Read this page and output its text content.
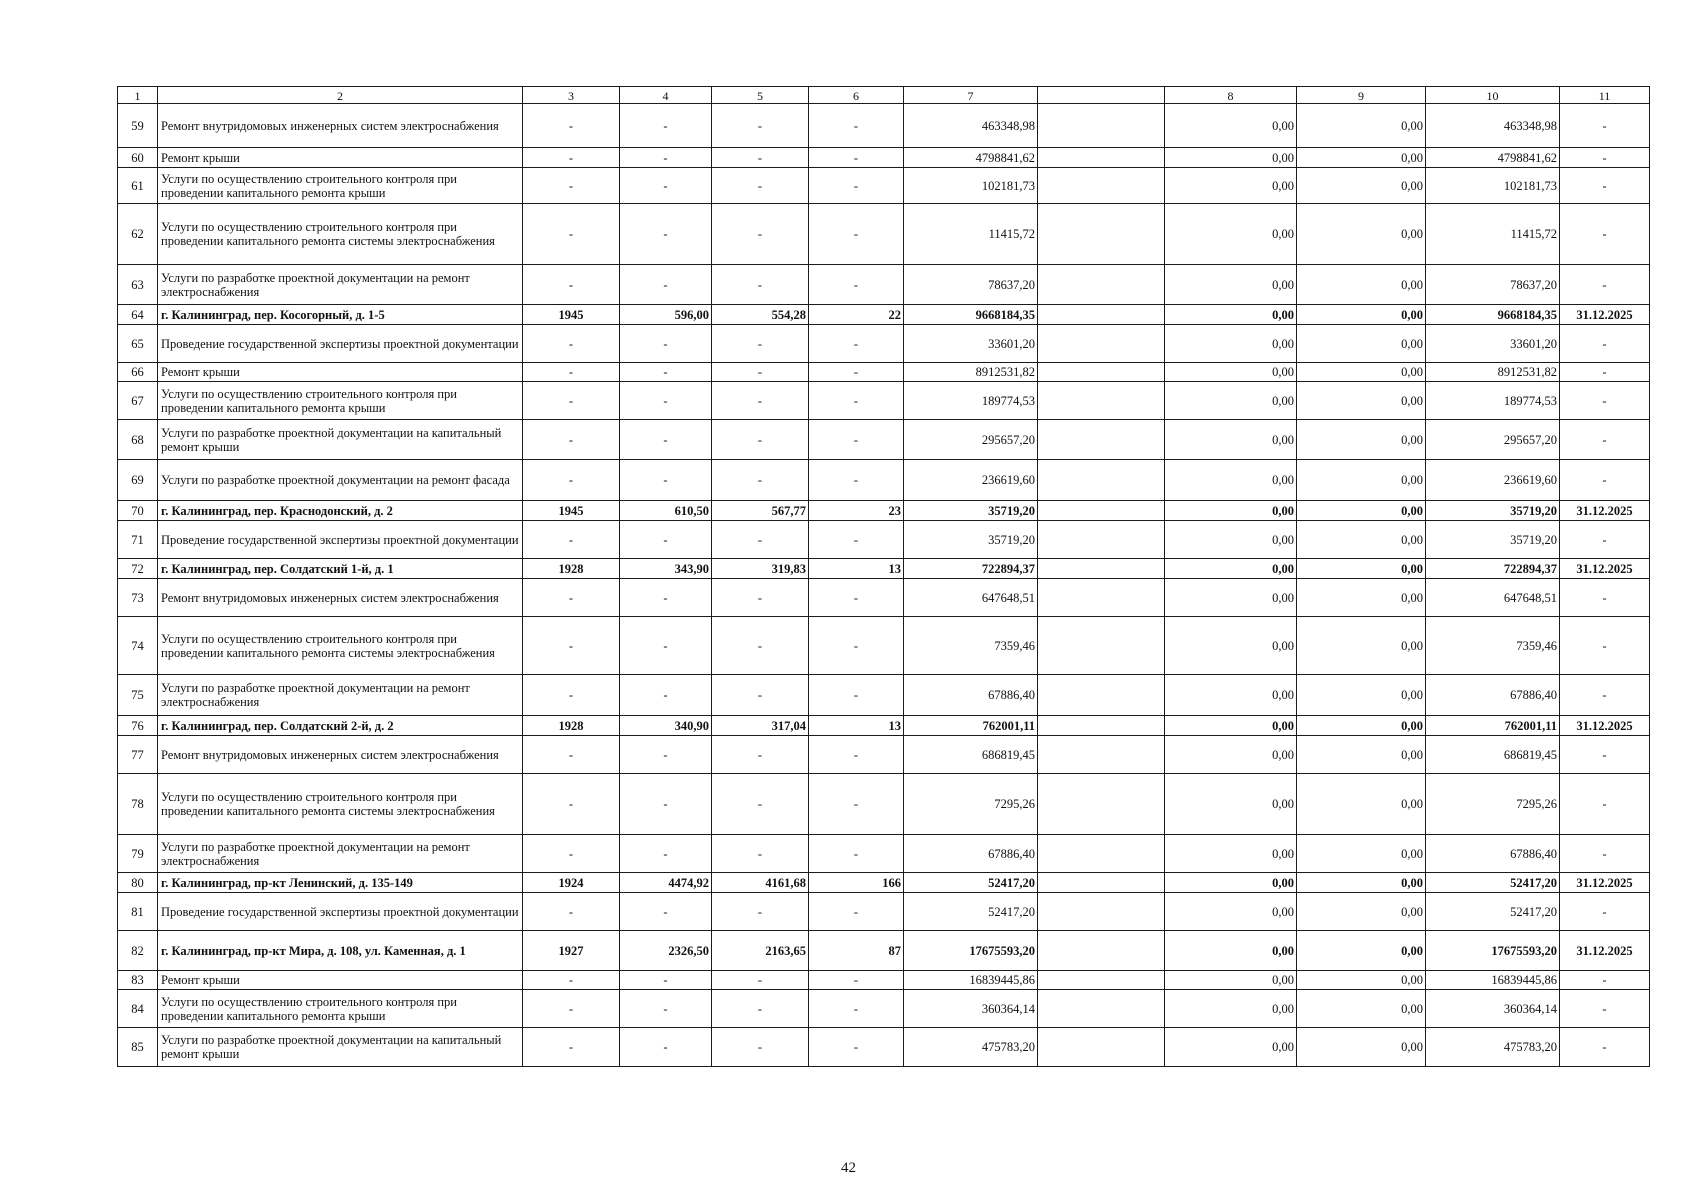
1	2	3	4	5	6	7		8	9	10	11
59	Ремонт внутридомовых инженерных систем электроснабжения	-	-	-	-	463348,98		0,00	0,00	463348,98	-
60	Ремонт крыши	-	-	-	-	4798841,62		0,00	0,00	4798841,62	-
61	Услуги по осуществлению строительного контроля при проведении капитального ремонта крыши	-	-	-	-	102181,73		0,00	0,00	102181,73	-
62	Услуги по осуществлению строительного контроля при проведении капитального ремонта системы электроснабжения	-	-	-	-	11415,72		0,00	0,00	11415,72	-
63	Услуги по разработке проектной документации на ремонт электроснабжения	-	-	-	-	78637,20		0,00	0,00	78637,20	-
64	г. Калининград, пер. Косогорный, д. 1-5	1945	596,00	554,28	22	9668184,35		0,00	0,00	9668184,35	31.12.2025
65	Проведение государственной экспертизы проектной документации	-	-	-	-	33601,20		0,00	0,00	33601,20	-
66	Ремонт крыши	-	-	-	-	8912531,82		0,00	0,00	8912531,82	-
67	Услуги по осуществлению строительного контроля при проведении капитального ремонта крыши	-	-	-	-	189774,53		0,00	0,00	189774,53	-
68	Услуги по разработке проектной документации на капитальный ремонт крыши	-	-	-	-	295657,20		0,00	0,00	295657,20	-
69	Услуги по разработке проектной документации на ремонт фасада	-	-	-	-	236619,60		0,00	0,00	236619,60	-
70	г. Калининград, пер. Краснодонский, д. 2	1945	610,50	567,77	23	35719,20		0,00	0,00	35719,20	31.12.2025
71	Проведение государственной экспертизы проектной документации	-	-	-	-	35719,20		0,00	0,00	35719,20	-
72	г. Калининград, пер. Солдатский 1-й, д. 1	1928	343,90	319,83	13	722894,37		0,00	0,00	722894,37	31.12.2025
73	Ремонт внутридомовых инженерных систем электроснабжения	-	-	-	-	647648,51		0,00	0,00	647648,51	-
74	Услуги по осуществлению строительного контроля при проведении капитального ремонта системы электроснабжения	-	-	-	-	7359,46		0,00	0,00	7359,46	-
75	Услуги по разработке проектной документации на ремонт электроснабжения	-	-	-	-	67886,40		0,00	0,00	67886,40	-
76	г. Калининград, пер. Солдатский 2-й, д. 2	1928	340,90	317,04	13	762001,11		0,00	0,00	762001,11	31.12.2025
77	Ремонт внутридомовых инженерных систем электроснабжения	-	-	-	-	686819,45		0,00	0,00	686819,45	-
78	Услуги по осуществлению строительного контроля при проведении капитального ремонта системы электроснабжения	-	-	-	-	7295,26		0,00	0,00	7295,26	-
79	Услуги по разработке проектной документации на ремонт электроснабжения	-	-	-	-	67886,40		0,00	0,00	67886,40	-
80	г. Калининград, пр-кт Ленинский, д. 135-149	1924	4474,92	4161,68	166	52417,20		0,00	0,00	52417,20	31.12.2025
81	Проведение государственной экспертизы проектной документации	-	-	-	-	52417,20		0,00	0,00	52417,20	-
82	г. Калининград, пр-кт Мира, д. 108, ул. Каменная, д. 1	1927	2326,50	2163,65	87	17675593,20		0,00	0,00	17675593,20	31.12.2025
83	Ремонт крыши	-	-	-	-	16839445,86		0,00	0,00	16839445,86	-
84	Услуги по осуществлению строительного контроля при проведении капитального ремонта крыши	-	-	-	-	360364,14		0,00	0,00	360364,14	-
85	Услуги по разработке проектной документации на капитальный ремонт крыши	-	-	-	-	475783,20		0,00	0,00	475783,20	-
42
